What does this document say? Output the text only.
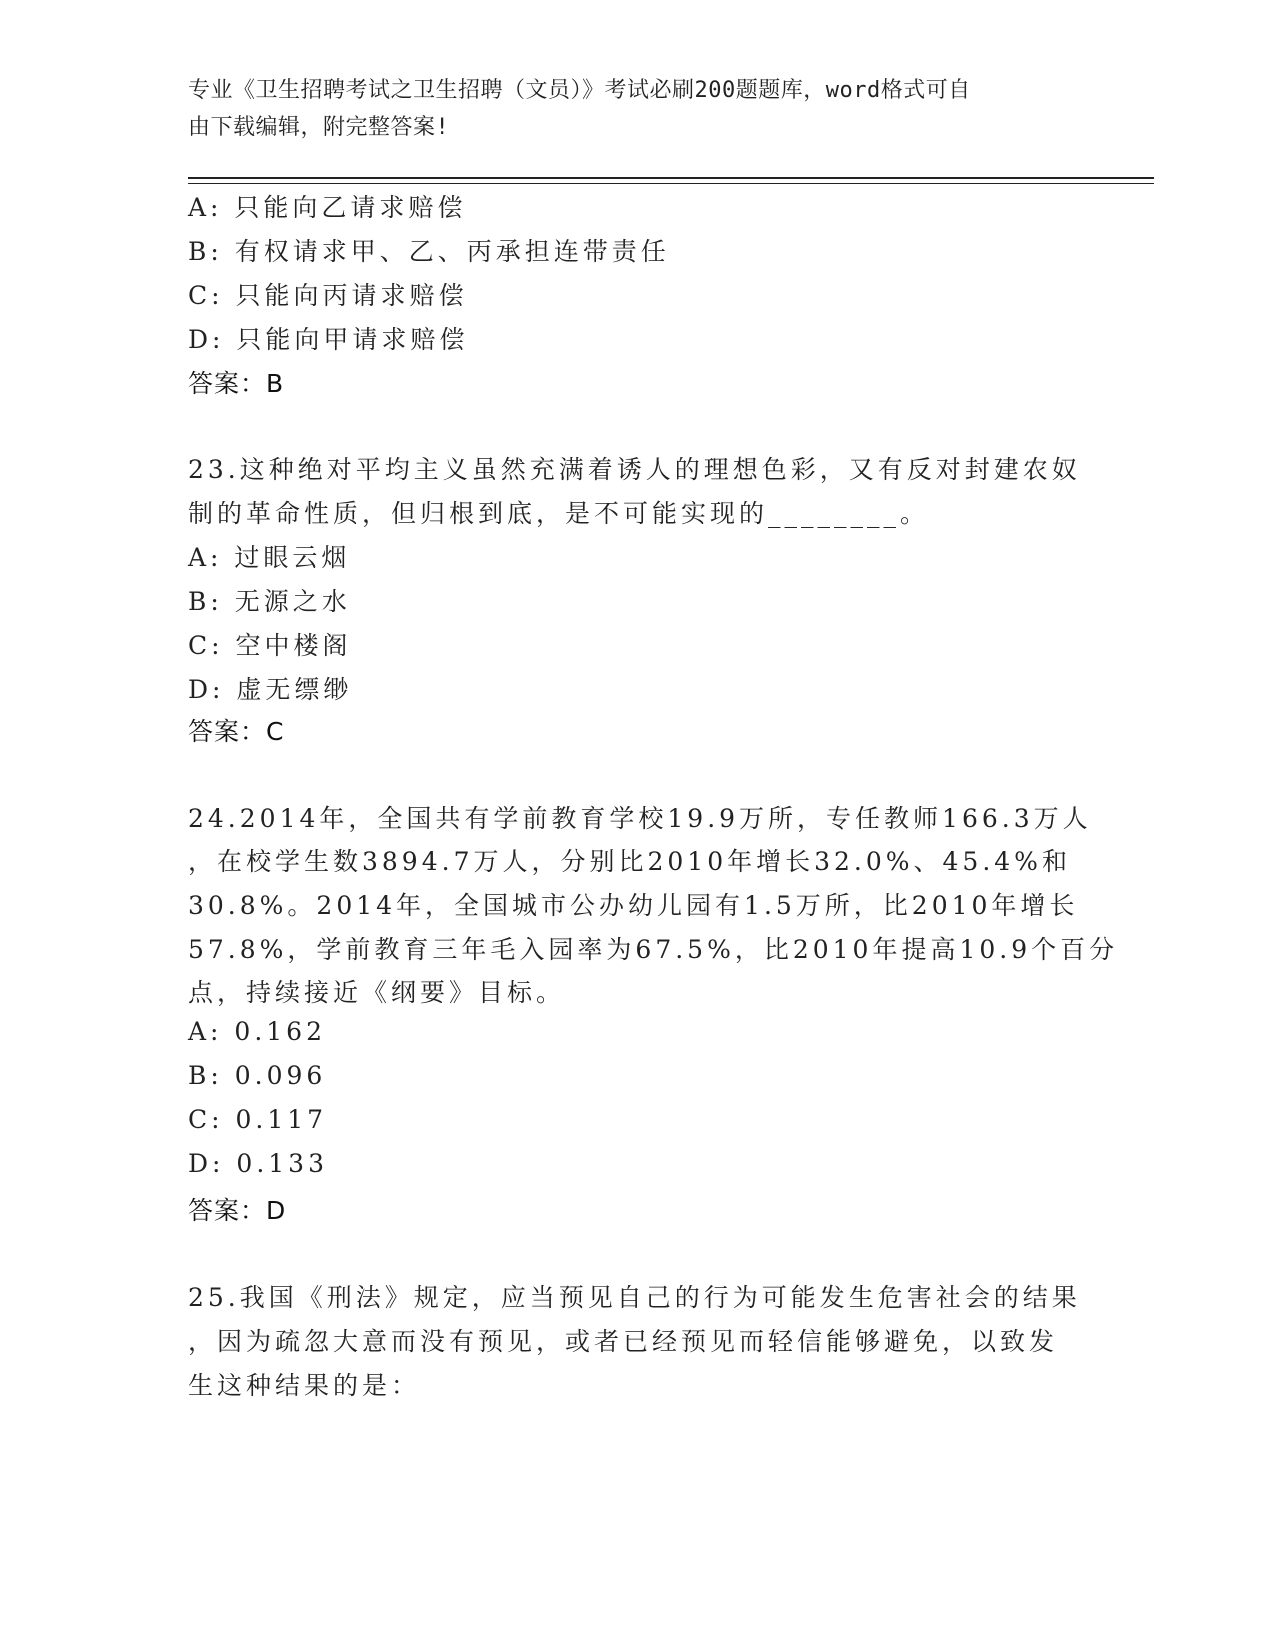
专业《卫生招聘考试之卫生招聘（文员）》考试必刷200题题库，word格式可自
由下载编辑，附完整答案!
A: 只能向乙请求赔偿
B: 有权请求甲、乙、丙承担连带责任
C: 只能向丙请求赔偿
D: 只能向甲请求赔偿
答案：B
23.这种绝对平均主义虽然充满着诱人的理想色彩，又有反对封建农奴
制的革命性质，但归根到底，是不可能实现的________。
A: 过眼云烟
B: 无源之水
C: 空中楼阁
D: 虚无缥缈
答案：C
24.2014年，全国共有学前教育学校19.9万所，专任教师166.3万人
，在校学生数3894.7万人，分别比2010年增长32.0%、45.4%和
30.8%。2014年，全国城市公办幼儿园有1.5万所，比2010年增长
57.8%，学前教育三年毛入园率为67.5%，比2010年提高10.9个百分
点，持续接近《纲要》目标。
A: 0.162
B: 0.096
C: 0.117
D: 0.133
答案：D
25.我国《刑法》规定，应当预见自己的行为可能发生危害社会的结果
，因为疏忽大意而没有预见，或者已经预见而轻信能够避免，以致发
生这种结果的是：
